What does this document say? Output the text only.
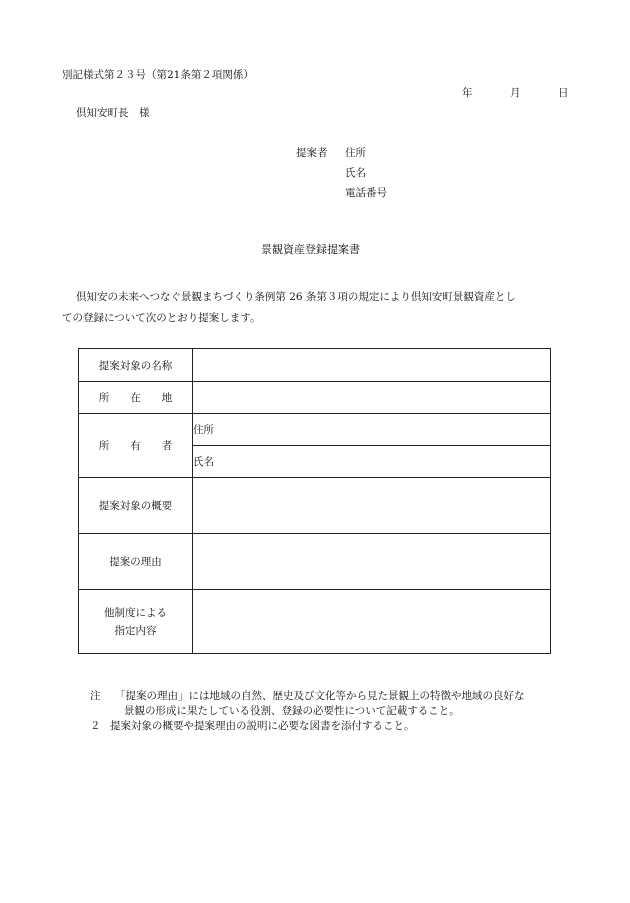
別記様式第２３号（第21条第２項関係）
年	月	日
倶知安町長　様
提案者 住所
氏名
電話番号
景観資産登録提案書
倶知安の未来へつなぐ景観まちづくり条例第 26 条第３項の規定により倶知安町景観資産とし
ての登録について次のとおり提案します。
提案対象の名称	
所　　在　　地	
所　　有　　者	住所
	氏名
提案対象の概要	
提案の理由	

他制度による
指定内容	

注 「提案の理由」には地域の自然、歴史及び文化等から見た景観上の特徴や地域の良好な
景観の形成に果たしている役割、登録の必要性について記載すること。
２ 提案対象の概要や提案理由の説明に必要な図書を添付すること。
